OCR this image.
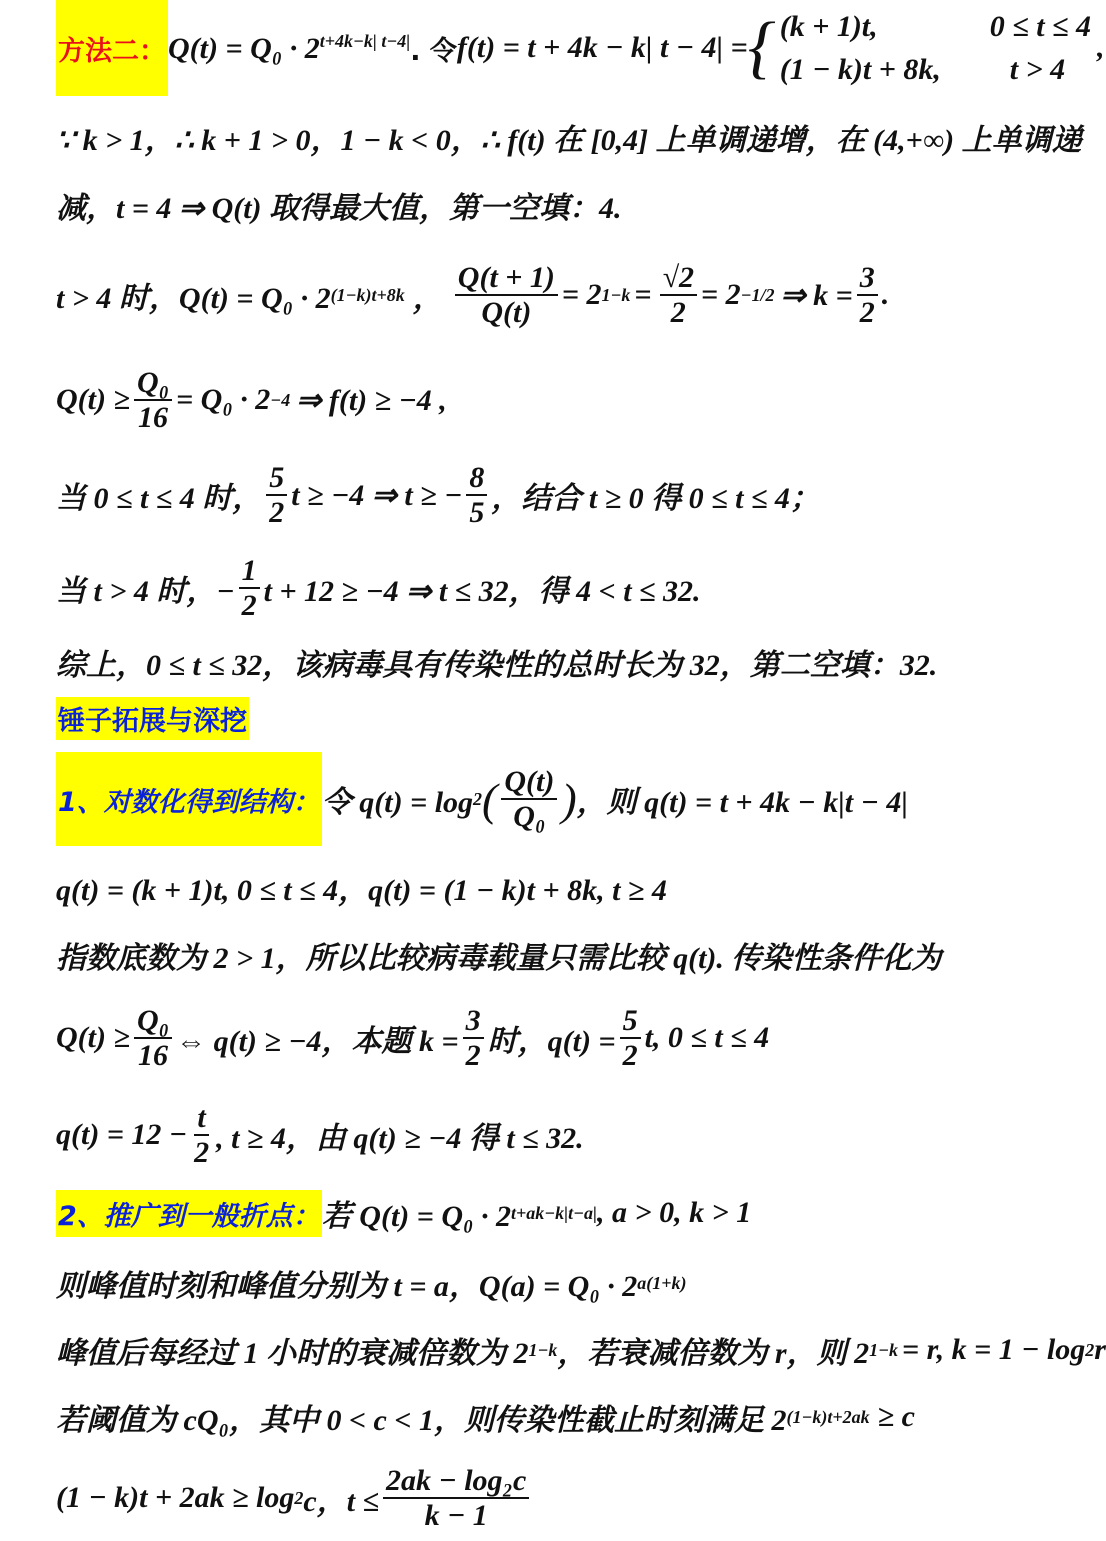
方法二： $Q(t) = Q_0 \cdot 2^{t+4k-k| t-4|}$ . 令 f(t) = t + 4k − k| t − 4| = { (k + 1)t,	0 ≤ t ≤ 4
(1 − k)t + 8k,	t > 4
,
∵ k > 1，∴ k + 1 > 0，1 − k < 0，∴ f(t) 在 [0,4] 上单调递增，在 (4,+∞) 上单调递
减，t = 4 ⇒ Q(t) 取得最大值，第一空填：4.
t > 4 时，Q(t) = Q₀ · 2 (1−k)t+8k ， $\frac{Q(t + 1)}{Q(t)} = 2$ $1-k = \frac{√2}{2} = 2 -1/2$ ⇒ $k = \frac{3}{2}$ .
$Q(t) \ge \frac{\text{Q₀}}{16} = Q_0 \cdot 2 -4$ ⇒ f(t) ≥ −4 ,
当 0 ≤ t ≤ 4 时， $\frac{5}{2}$ t ≥ −4 ⇒ t ≥ − $\frac{8}{5}$ ，结合 t ≥ 0 得 0 ≤ t ≤ 4；
当 t > 4 时，− $\frac{1}{2}$ t + 12 ≥ −4 ⇒ t ≤ 32，得 4 < t ≤ 32.
综上，0 ≤ t ≤ 32，该病毒具有传染性的总时长为 32，第二空填：32.
锤子拓展与深挖
1、对数化得到结构： 令 q(t) = log 2 ( $\frac{Q(t)}{\text{Q₀}}$ ) ，则 q(t) = t + 4k − k|t − 4|
q(t) = (k + 1)t, 0 ≤ t ≤ 4，q(t) = (1 − k)t + 8k, t ≥ 4
指数底数为 2 > 1，所以比较病毒载量只需比较 q(t). 传染性条件化为
$Q(t) \ge \frac{\text{Q₀}}{16}$ ⇔ q(t) ≥ −4，本题 $k = \frac{3}{2}$ 时，$q(t) = \frac{5}{2} t$, 0 ≤ t ≤ 4
$q(t) = 12 - \frac{t}{2}$ , t ≥ 4，由 q(t) ≥ −4 得 t ≤ 32.
2、推广到一般折点： 若 Q(t) = Q₀ · 2 t+ak−k|t−a| , a > 0, k > 1
则峰值时刻和峰值分别为 t = a，Q(a) = Q₀ · 2 a(1+k)
峰值后每经过 1 小时的衰减倍数为 2 1−k ，若衰减倍数为 r，则 2 1−k = r, k = 1 − log 2 r
若阈值为 cQ₀，其中 0 < c < 1，则传染性截止时刻满足 2 (1−k)t+2ak ≥ c
(1 − k)t + 2ak ≥ log 2 c，$t \le \frac{\text{2ak − log₂c}}{k - 1}$
